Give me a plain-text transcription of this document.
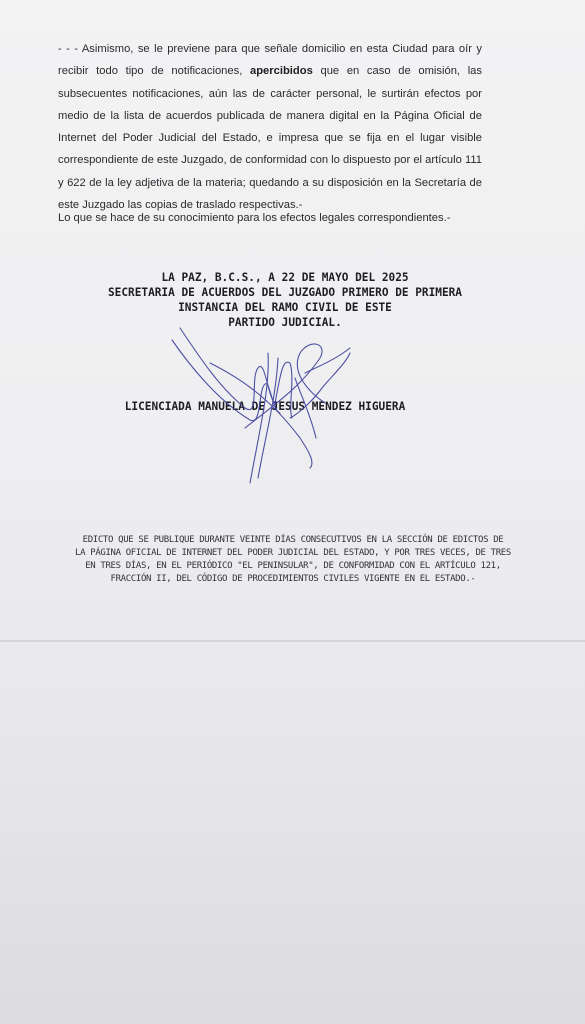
- - - Asimismo, se le previene para que señale domicilio en esta Ciudad para oír y recibir todo tipo de notificaciones, apercibidos que en caso de omisión, las subsecuentes notificaciones, aún las de carácter personal, le surtirán efectos por medio de la lista de acuerdos publicada de manera digital en la Página Oficial de Internet del Poder Judicial del Estado, e impresa que se fija en el lugar visible correspondiente de este Juzgado, de conformidad con lo dispuesto por el artículo 111 y 622 de la ley adjetiva de la materia; quedando a su disposición en la Secretaría de este Juzgado las copias de traslado respectivas.-

Lo que se hace de su conocimiento para los efectos legales correspondientes.-

LA PAZ, B.C.S., A 22 DE MAYO DEL 2025
SECRETARIA DE ACUERDOS DEL JUZGADO PRIMERO DE PRIMERA
INSTANCIA DEL RAMO CIVIL DE ESTE
PARTIDO JUDICIAL.
LICENCIADA MANUELA DE JESUS MENDEZ HIGUERA
EDICTO QUE SE PUBLIQUE DURANTE VEINTE DÍAS CONSECUTIVOS EN LA SECCIÓN DE EDICTOS DE
LA PÁGINA OFICIAL DE INTERNET DEL PODER JUDICIAL DEL ESTADO, Y POR TRES VECES, DE TRES
EN TRES DÍAS, EN EL PERIÓDICO "EL PENINSULAR", DE CONFORMIDAD CON EL ARTÍCULO 121,
FRACCIÓN II, DEL CÓDIGO DE PROCEDIMIENTOS CIVILES VIGENTE EN EL ESTADO.-
